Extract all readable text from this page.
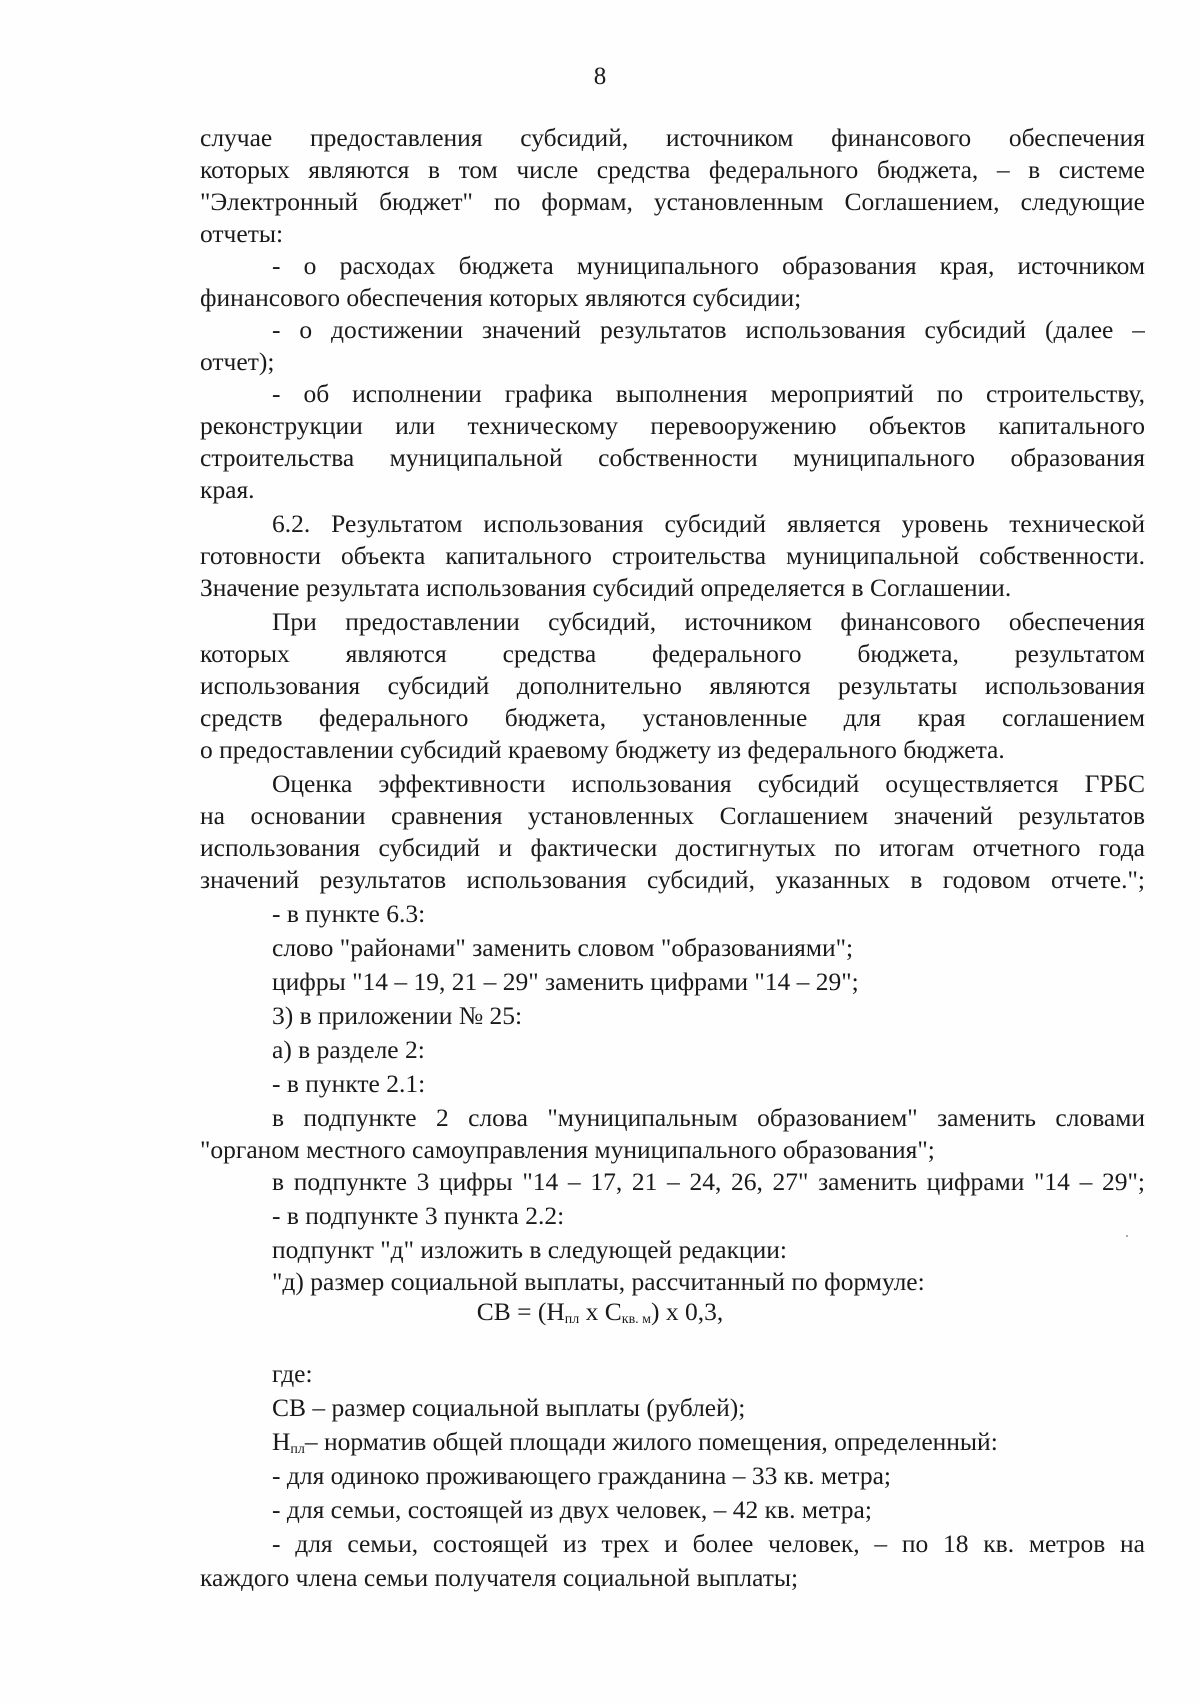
8
случае предоставления субсидий, источником финансового обеспечения
которых являются в том числе средства федерального бюджета, – в системе
"Электронный бюджет" по формам, установленным Соглашением, следующие
отчеты:
- о расходах бюджета муниципального образования края, источником
финансового обеспечения которых являются субсидии;
- о достижении значений результатов использования субсидий (далее –
отчет);
- об исполнении графика выполнения мероприятий по строительству,
реконструкции или техническому перевооружению объектов капитального
строительства муниципальной собственности муниципального образования
края.
6.2. Результатом использования субсидий является уровень технической
готовности объекта капитального строительства муниципальной собственности.
Значение результата использования субсидий определяется в Соглашении.
При предоставлении субсидий, источником финансового обеспечения
которых являются средства федерального бюджета, результатом
использования субсидий дополнительно являются результаты использования
средств федерального бюджета, установленные для края соглашением
о предоставлении субсидий краевому бюджету из федерального бюджета.
Оценка эффективности использования субсидий осуществляется ГРБС
на основании сравнения установленных Соглашением значений результатов
использования субсидий и фактически достигнутых по итогам отчетного года
значений результатов использования субсидий, указанных в годовом отчете.";
- в пункте 6.3:
слово "районами" заменить словом "образованиями";
цифры "14 – 19, 21 – 29" заменить цифрами "14 – 29";
3) в приложении № 25:
а) в разделе 2:
- в пункте 2.1:
в подпункте 2 слова "муниципальным образованием" заменить словами
"органом местного самоуправления муниципального образования";
в подпункте 3 цифры "14 – 17, 21 – 24, 26, 27" заменить цифрами "14 – 29";
- в подпункте 3 пункта 2.2:
подпункт "д" изложить в следующей редакции:
"д) размер социальной выплаты, рассчитанный по формуле:
СВ = ($Н_{пл}$ х $С_{кв. м}$) х 0,3,
где:
СВ – размер социальной выплаты (рублей);
$Н_{пл}-$ норматив общей площади жилого помещения, определенный:
- для одиноко проживающего гражданина – 33 кв. метра;
- для семьи, состоящей из двух человек, – 42 кв. метра;
- для семьи, состоящей из трех и более человек, – по 18 кв. метров на
каждого члена семьи получателя социальной выплаты;
